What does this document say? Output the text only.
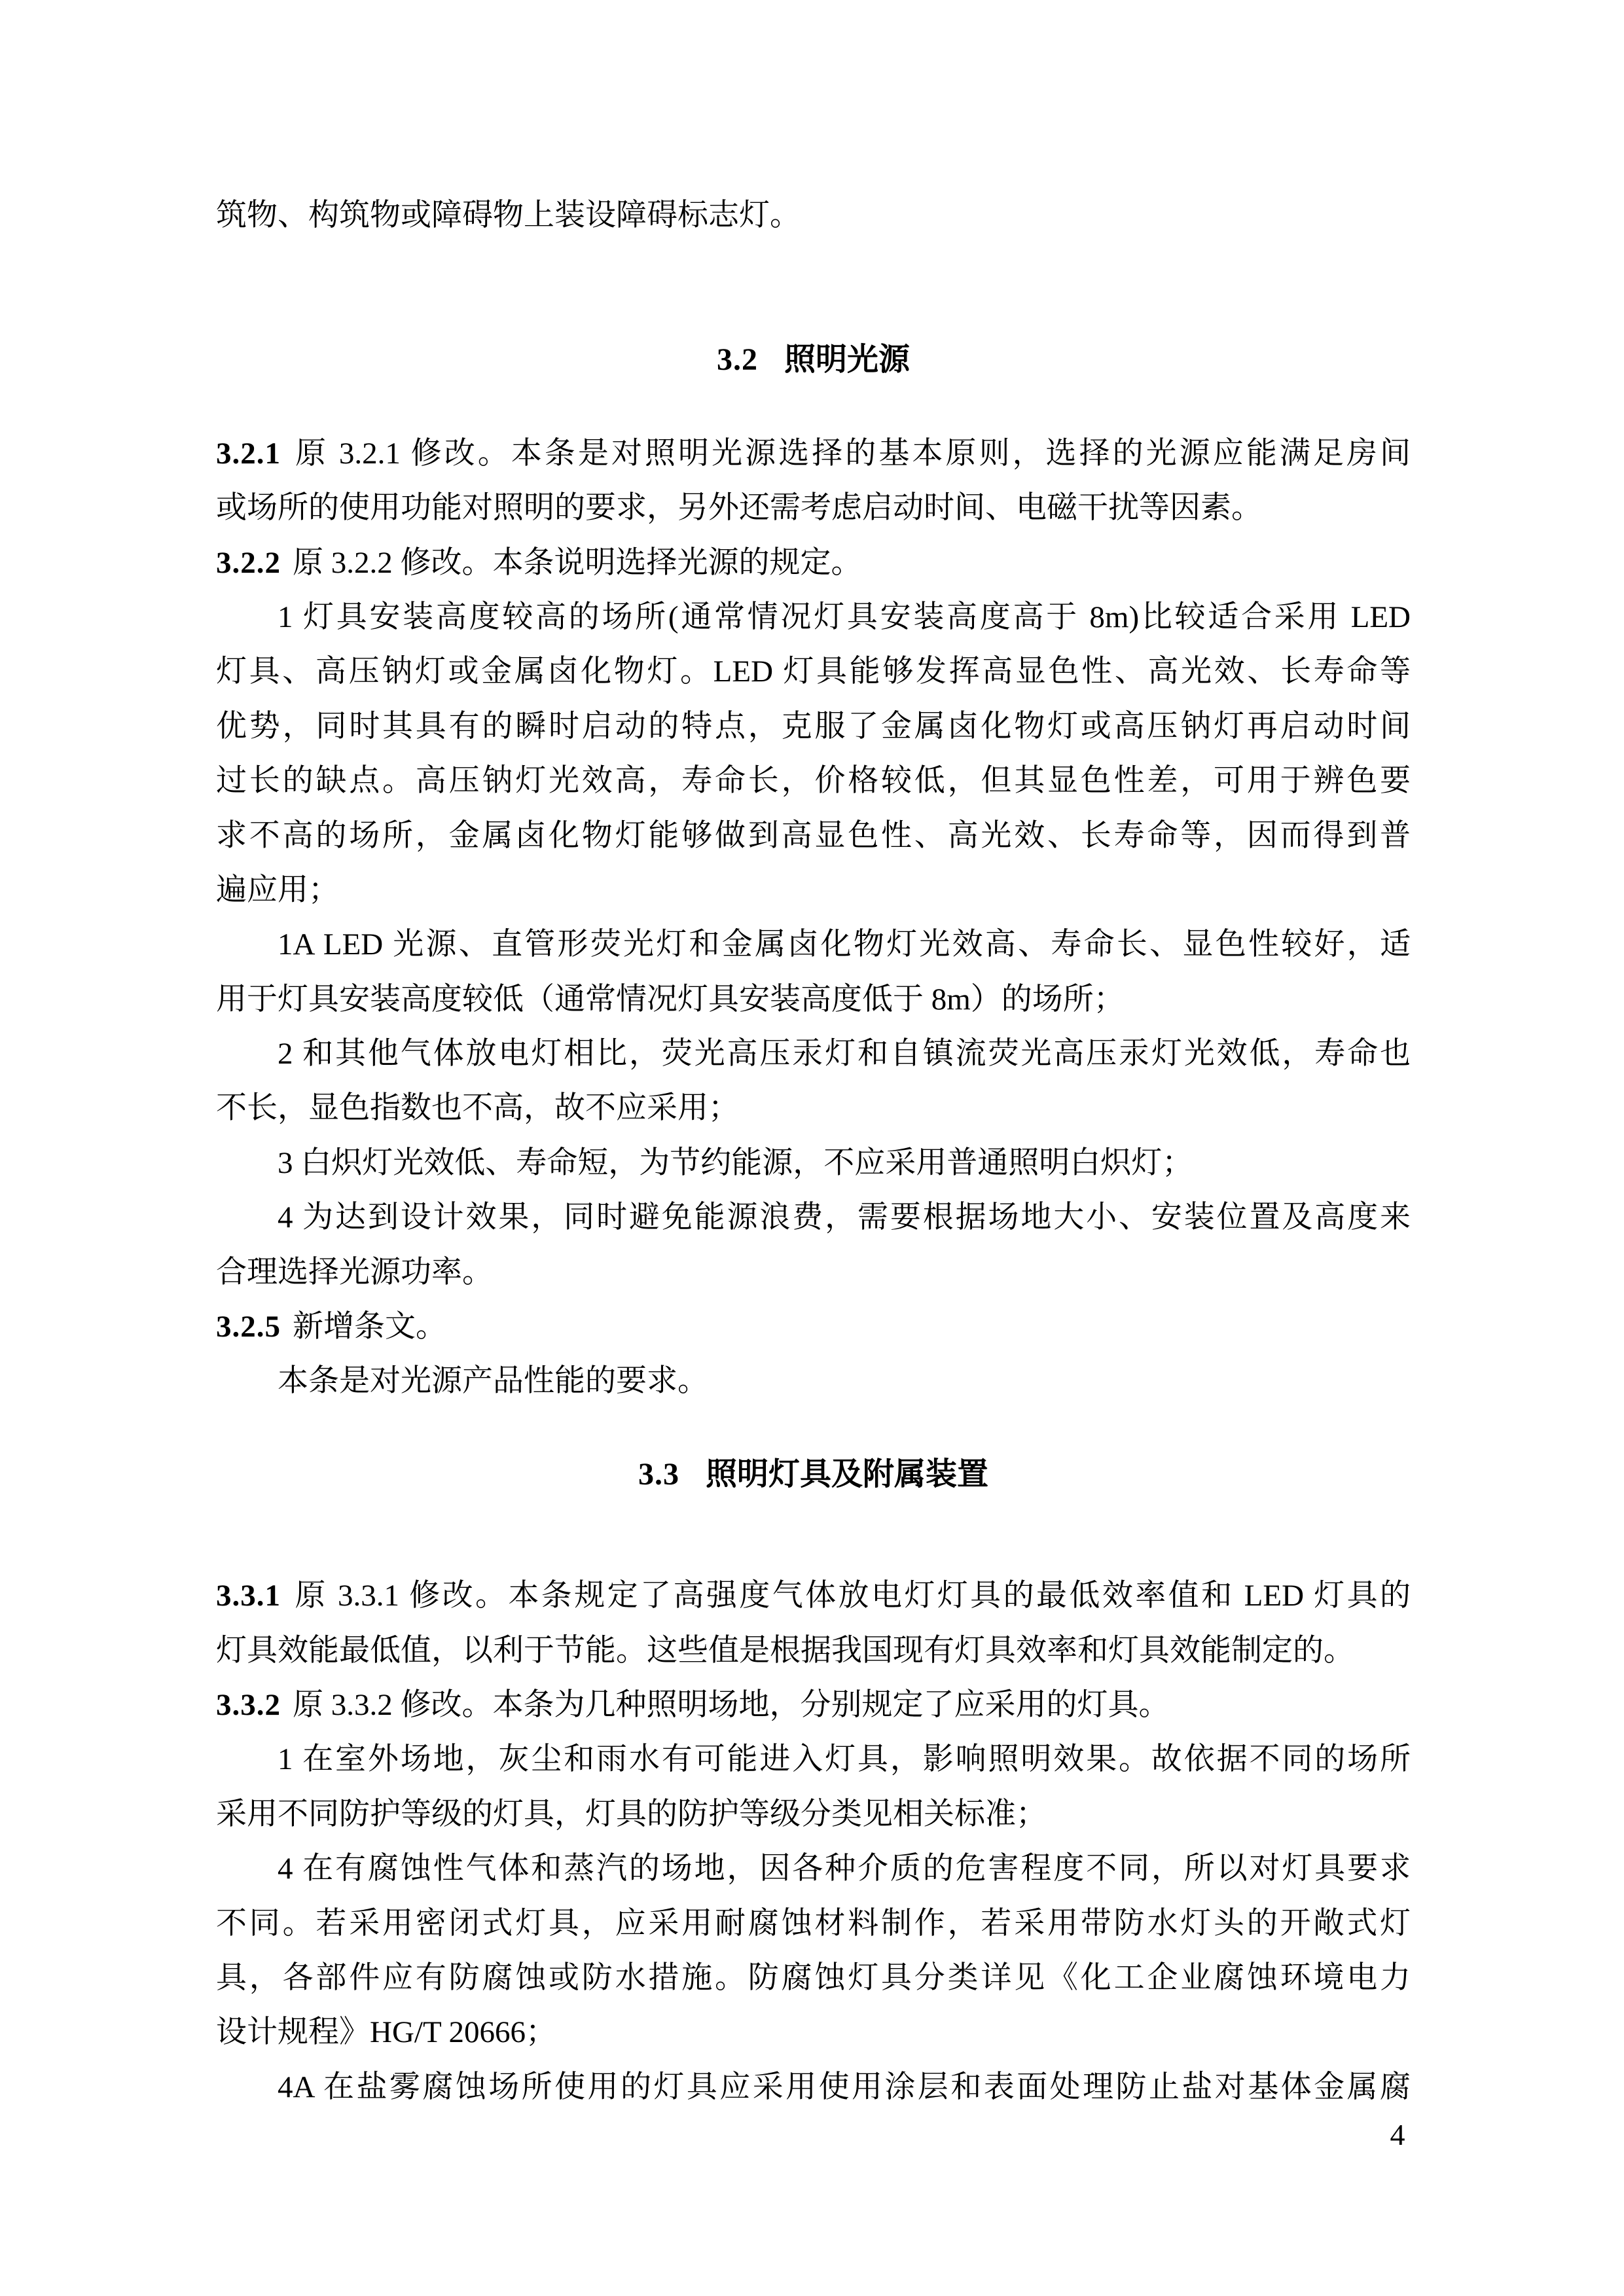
筑物、构筑物或障碍物上装设障碍标志灯。
3.2 照明光源
3.2.1 原 3.2.1 修改。本条是对照明光源选择的基本原则，选择的光源应能满足房间
或场所的使用功能对照明的要求，另外还需考虑启动时间、电磁干扰等因素。
3.2.2 原 3.2.2 修改。本条说明选择光源的规定。
1 灯具安装高度较高的场所(通常情况灯具安装高度高于 8m)比较适合采用 LED
灯具、高压钠灯或金属卤化物灯。LED 灯具能够发挥高显色性、高光效、长寿命等
优势，同时其具有的瞬时启动的特点，克服了金属卤化物灯或高压钠灯再启动时间
过长的缺点。高压钠灯光效高，寿命长，价格较低，但其显色性差，可用于辨色要
求不高的场所，金属卤化物灯能够做到高显色性、高光效、长寿命等，因而得到普
遍应用；
1A LED 光源、直管形荧光灯和金属卤化物灯光效高、寿命长、显色性较好，适
用于灯具安装高度较低（通常情况灯具安装高度低于 8m）的场所；
2 和其他气体放电灯相比，荧光高压汞灯和自镇流荧光高压汞灯光效低，寿命也
不长，显色指数也不高，故不应采用；
3 白炽灯光效低、寿命短，为节约能源，不应采用普通照明白炽灯；
4 为达到设计效果，同时避免能源浪费，需要根据场地大小、安装位置及高度来
合理选择光源功率。
3.2.5 新增条文。
本条是对光源产品性能的要求。
3.3 照明灯具及附属装置
3.3.1 原 3.3.1 修改。本条规定了高强度气体放电灯灯具的最低效率值和 LED 灯具的
灯具效能最低值，以利于节能。这些值是根据我国现有灯具效率和灯具效能制定的。
3.3.2 原 3.3.2 修改。本条为几种照明场地，分别规定了应采用的灯具。
1 在室外场地，灰尘和雨水有可能进入灯具，影响照明效果。故依据不同的场所
采用不同防护等级的灯具，灯具的防护等级分类见相关标准；
4 在有腐蚀性气体和蒸汽的场地，因各种介质的危害程度不同，所以对灯具要求
不同。若采用密闭式灯具，应采用耐腐蚀材料制作，若采用带防水灯头的开敞式灯
具，各部件应有防腐蚀或防水措施。防腐蚀灯具分类详见《化工企业腐蚀环境电力
设计规程》HG/T 20666；
4A 在盐雾腐蚀场所使用的灯具应采用使用涂层和表面处理防止盐对基体金属腐
4
